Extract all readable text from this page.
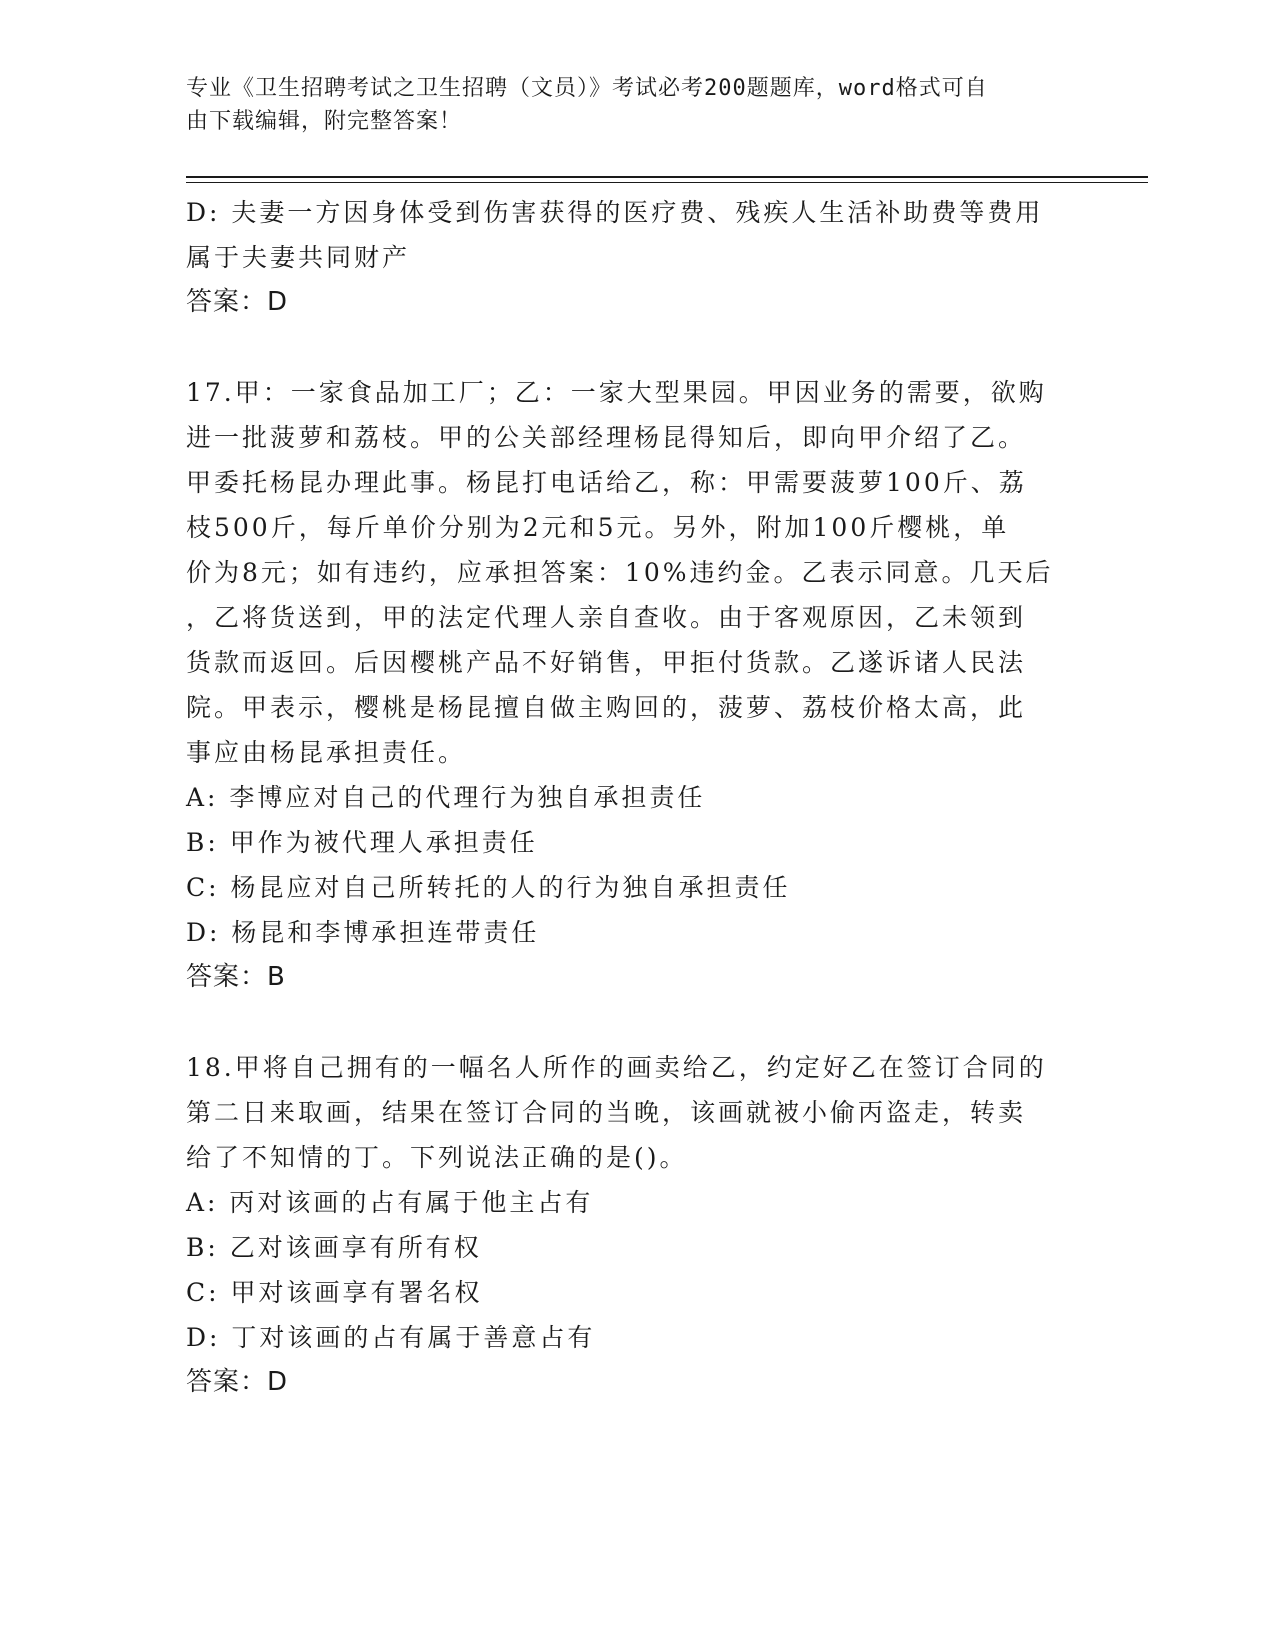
专业《卫生招聘考试之卫生招聘（文员）》考试必考200题题库，word格式可自
由下载编辑，附完整答案！
D: 夫妻一方因身体受到伤害获得的医疗费、残疾人生活补助费等费用
属于夫妻共同财产
答案：D
17.甲：一家食品加工厂；乙：一家大型果园。甲因业务的需要，欲购
进一批菠萝和荔枝。甲的公关部经理杨昆得知后，即向甲介绍了乙。
甲委托杨昆办理此事。杨昆打电话给乙，称：甲需要菠萝100斤、荔
枝500斤，每斤单价分别为2元和5元。另外，附加100斤樱桃，单
价为8元；如有违约，应承担答案：10%违约金。乙表示同意。几天后
，乙将货送到，甲的法定代理人亲自查收。由于客观原因，乙未领到
货款而返回。后因樱桃产品不好销售，甲拒付货款。乙遂诉诸人民法
院。甲表示，樱桃是杨昆擅自做主购回的，菠萝、荔枝价格太高，此
事应由杨昆承担责任。
A: 李博应对自己的代理行为独自承担责任
B: 甲作为被代理人承担责任
C: 杨昆应对自己所转托的人的行为独自承担责任
D: 杨昆和李博承担连带责任
答案：B
18.甲将自己拥有的一幅名人所作的画卖给乙，约定好乙在签订合同的
第二日来取画，结果在签订合同的当晚，该画就被小偷丙盗走，转卖
给了不知情的丁。下列说法正确的是()。
A: 丙对该画的占有属于他主占有
B: 乙对该画享有所有权
C: 甲对该画享有署名权
D: 丁对该画的占有属于善意占有
答案：D
